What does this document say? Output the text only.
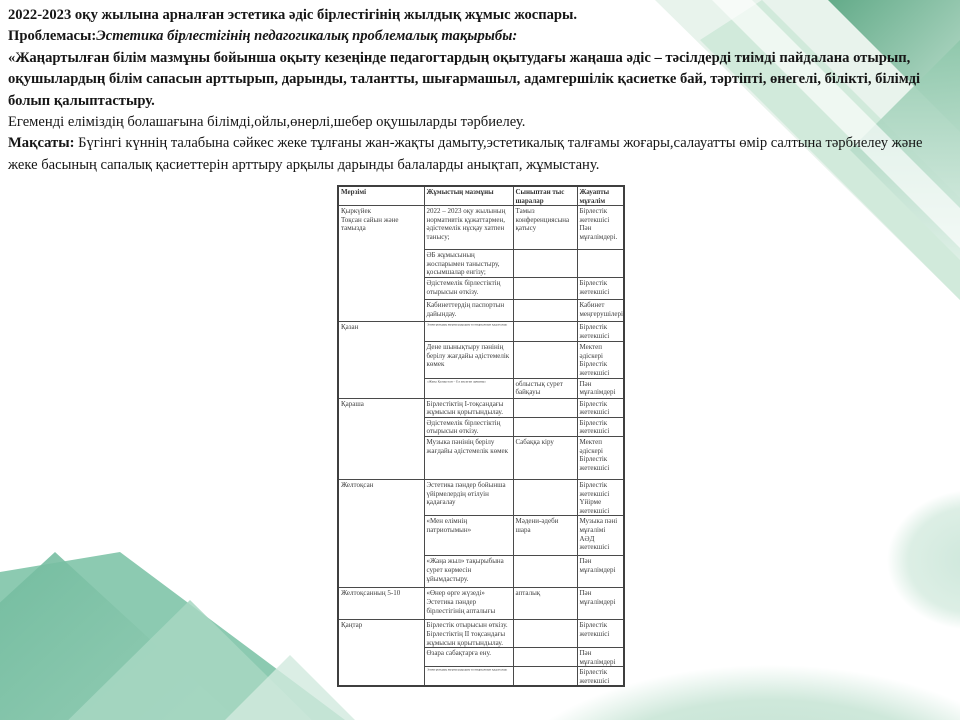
2022-2023 оқу жылына арналған эстетика әдіс бірлестігінің жылдық жұмыс жоспары.

Проблемасы:Эстетика бірлестігінің педагогикалық проблемалық тақырыбы:

«Жаңартылған білім мазмұны бойынша оқыту кезеңінде педагогтардың оқытудағы жаңаша әдіс – тәсілдерді тиімді пайдалана отырып, оқушылардың білім сапасын арттырып, дарынды, талантты, шығармашыл, адамгершілік қасиетке бай, тәртіпті, өнегелі, білікті, білімді болып қалыптастыру.

Егеменді еліміздің болашағына білімді,ойлы,өнерлі,шебер оқушыларды тәрбиелеу.

Мақсаты: Бүгінгі күннің талабына сәйкес жеке тұлғаны жан-жақты дамыту,эстетикалық талғамы жоғары,салауатты өмір салтына тәрбиелеу және жеке басының сапалық қасиеттерін арттыру арқылы дарынды балаларды анықтап, жұмыстану.

Мерзімі	Жұмыстың мазмұны	Сыныптан тыс шаралар	Жауапты мұғалім

Қыркүйек
Тоқсан сайын және тамызда	2022 – 2023 оқу жылының нормативтік құжаттармен, әдістемелік нұсқау хатпен танысу;	Тамыз конференциясына қатысу	Бірлестік жетекшісі Пән мұғалімдері.
	ӘБ жұмысының жоспарымен таныстыру, қосымшалар енгізу;		
	Әдістемелік бірлестіктің отырысын өткізу.		Бірлестік жетекшісі
	Кабинеттердің паспортын дайындау.		Кабинет меңгерушілері

Қазан	Электрондық журналдардың толтырылуын қадағалау;		Бірлестік жетекшісі
	Дене шынықтыру пәнінің берілу жағдайы әдістемелік көмек		Мектеп әдіскері Бірлестік жетекшісі

	«Жаңа Қазақстан – Ел аңсаған арманы»	облыстық сурет байқауы	Пән мұғалімдері

Қараша	Бірлестіктің I-тоқсандағы жұмысын қорытындылау.		Бірлестік жетекшісі
	Әдістемелік бірлестіктің отырысын өткізу.		Бірлестік жетекшісі
	Музыка пәнінің берілу жағдайы әдістемелік көмек	Сабаққа кіру	Мектеп әдіскері Бірлестік жетекшісі

Желтоқсан	Эстетика пәндер бойынша үйірмелердің өтілуін қадағалау		Бірлестік жетекшісі Үйірме жетекшісі
	«Мен елімнің патриотымын»	Мәдени-әдеби шара	Музыка пәні мұғалімі АӘД жетекшісі
	«Жаңа жыл» тақырыбына сурет көрмесін ұйымдастыру.		Пән мұғалімдері

Желтоқсанның 5-10	«Өнер өрге жүзеді» Эстетика пәндер бірлестігінің апталығы	апталық	Пән мұғалімдері

Қаңтар	Бірлестік отырысын өткізу. Бірлестіктің II тоқсандағы жұмысын қорытындылау.		Бірлестік жетекшісі
	Өзара сабақтарға ену.		Пән мұғалімдері

	Электрондық журналдардың толтырылуын қадағалау;		Бірлестік жетекшісі
